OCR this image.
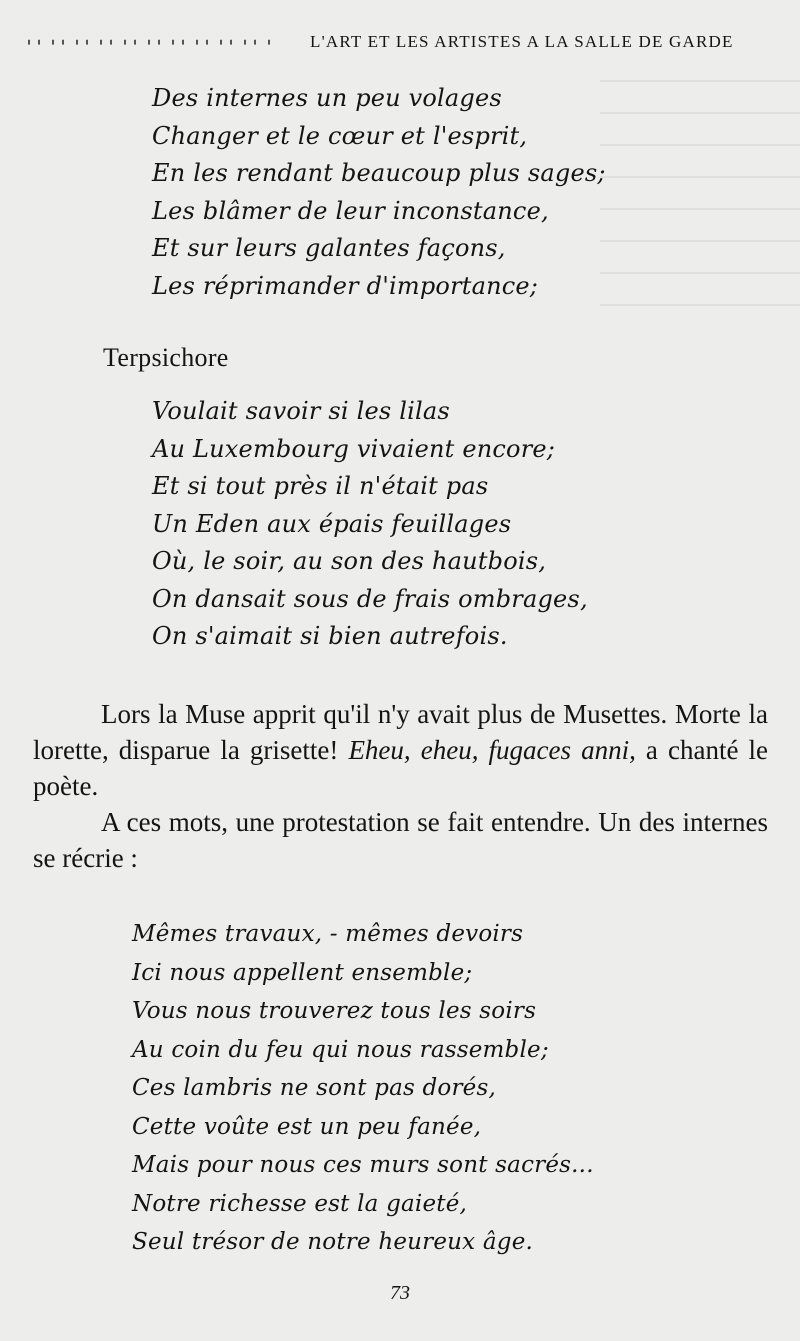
L'ART ET LES ARTISTES A LA SALLE DE GARDE
Des internes un peu volages
Changer et le cœur et l'esprit,
En les rendant beaucoup plus sages;
Les blâmer de leur inconstance,
Et sur leurs galantes façons,
Les réprimander d'importance;
Terpsichore
Voulait savoir si les lilas
Au Luxembourg vivaient encore;
Et si tout près il n'était pas
Un Eden aux épais feuillages
Où, le soir, au son des hautbois,
On dansait sous de frais ombrages,
On s'aimait si bien autrefois.

Lors la Muse apprit qu'il n'y avait plus de Musettes. Morte la lorette, disparue la grisette! Eheu, eheu, fugaces anni, a chanté le poète.

A ces mots, une protestation se fait entendre. Un des internes se récrie :

Mêmes travaux, - mêmes devoirs
Ici nous appellent ensemble;
Vous nous trouverez tous les soirs
Au coin du feu qui nous rassemble;
Ces lambris ne sont pas dorés,
Cette voûte est un peu fanée,
Mais pour nous ces murs sont sacrés...
Notre richesse est la gaieté,
Seul trésor de notre heureux âge.
73
